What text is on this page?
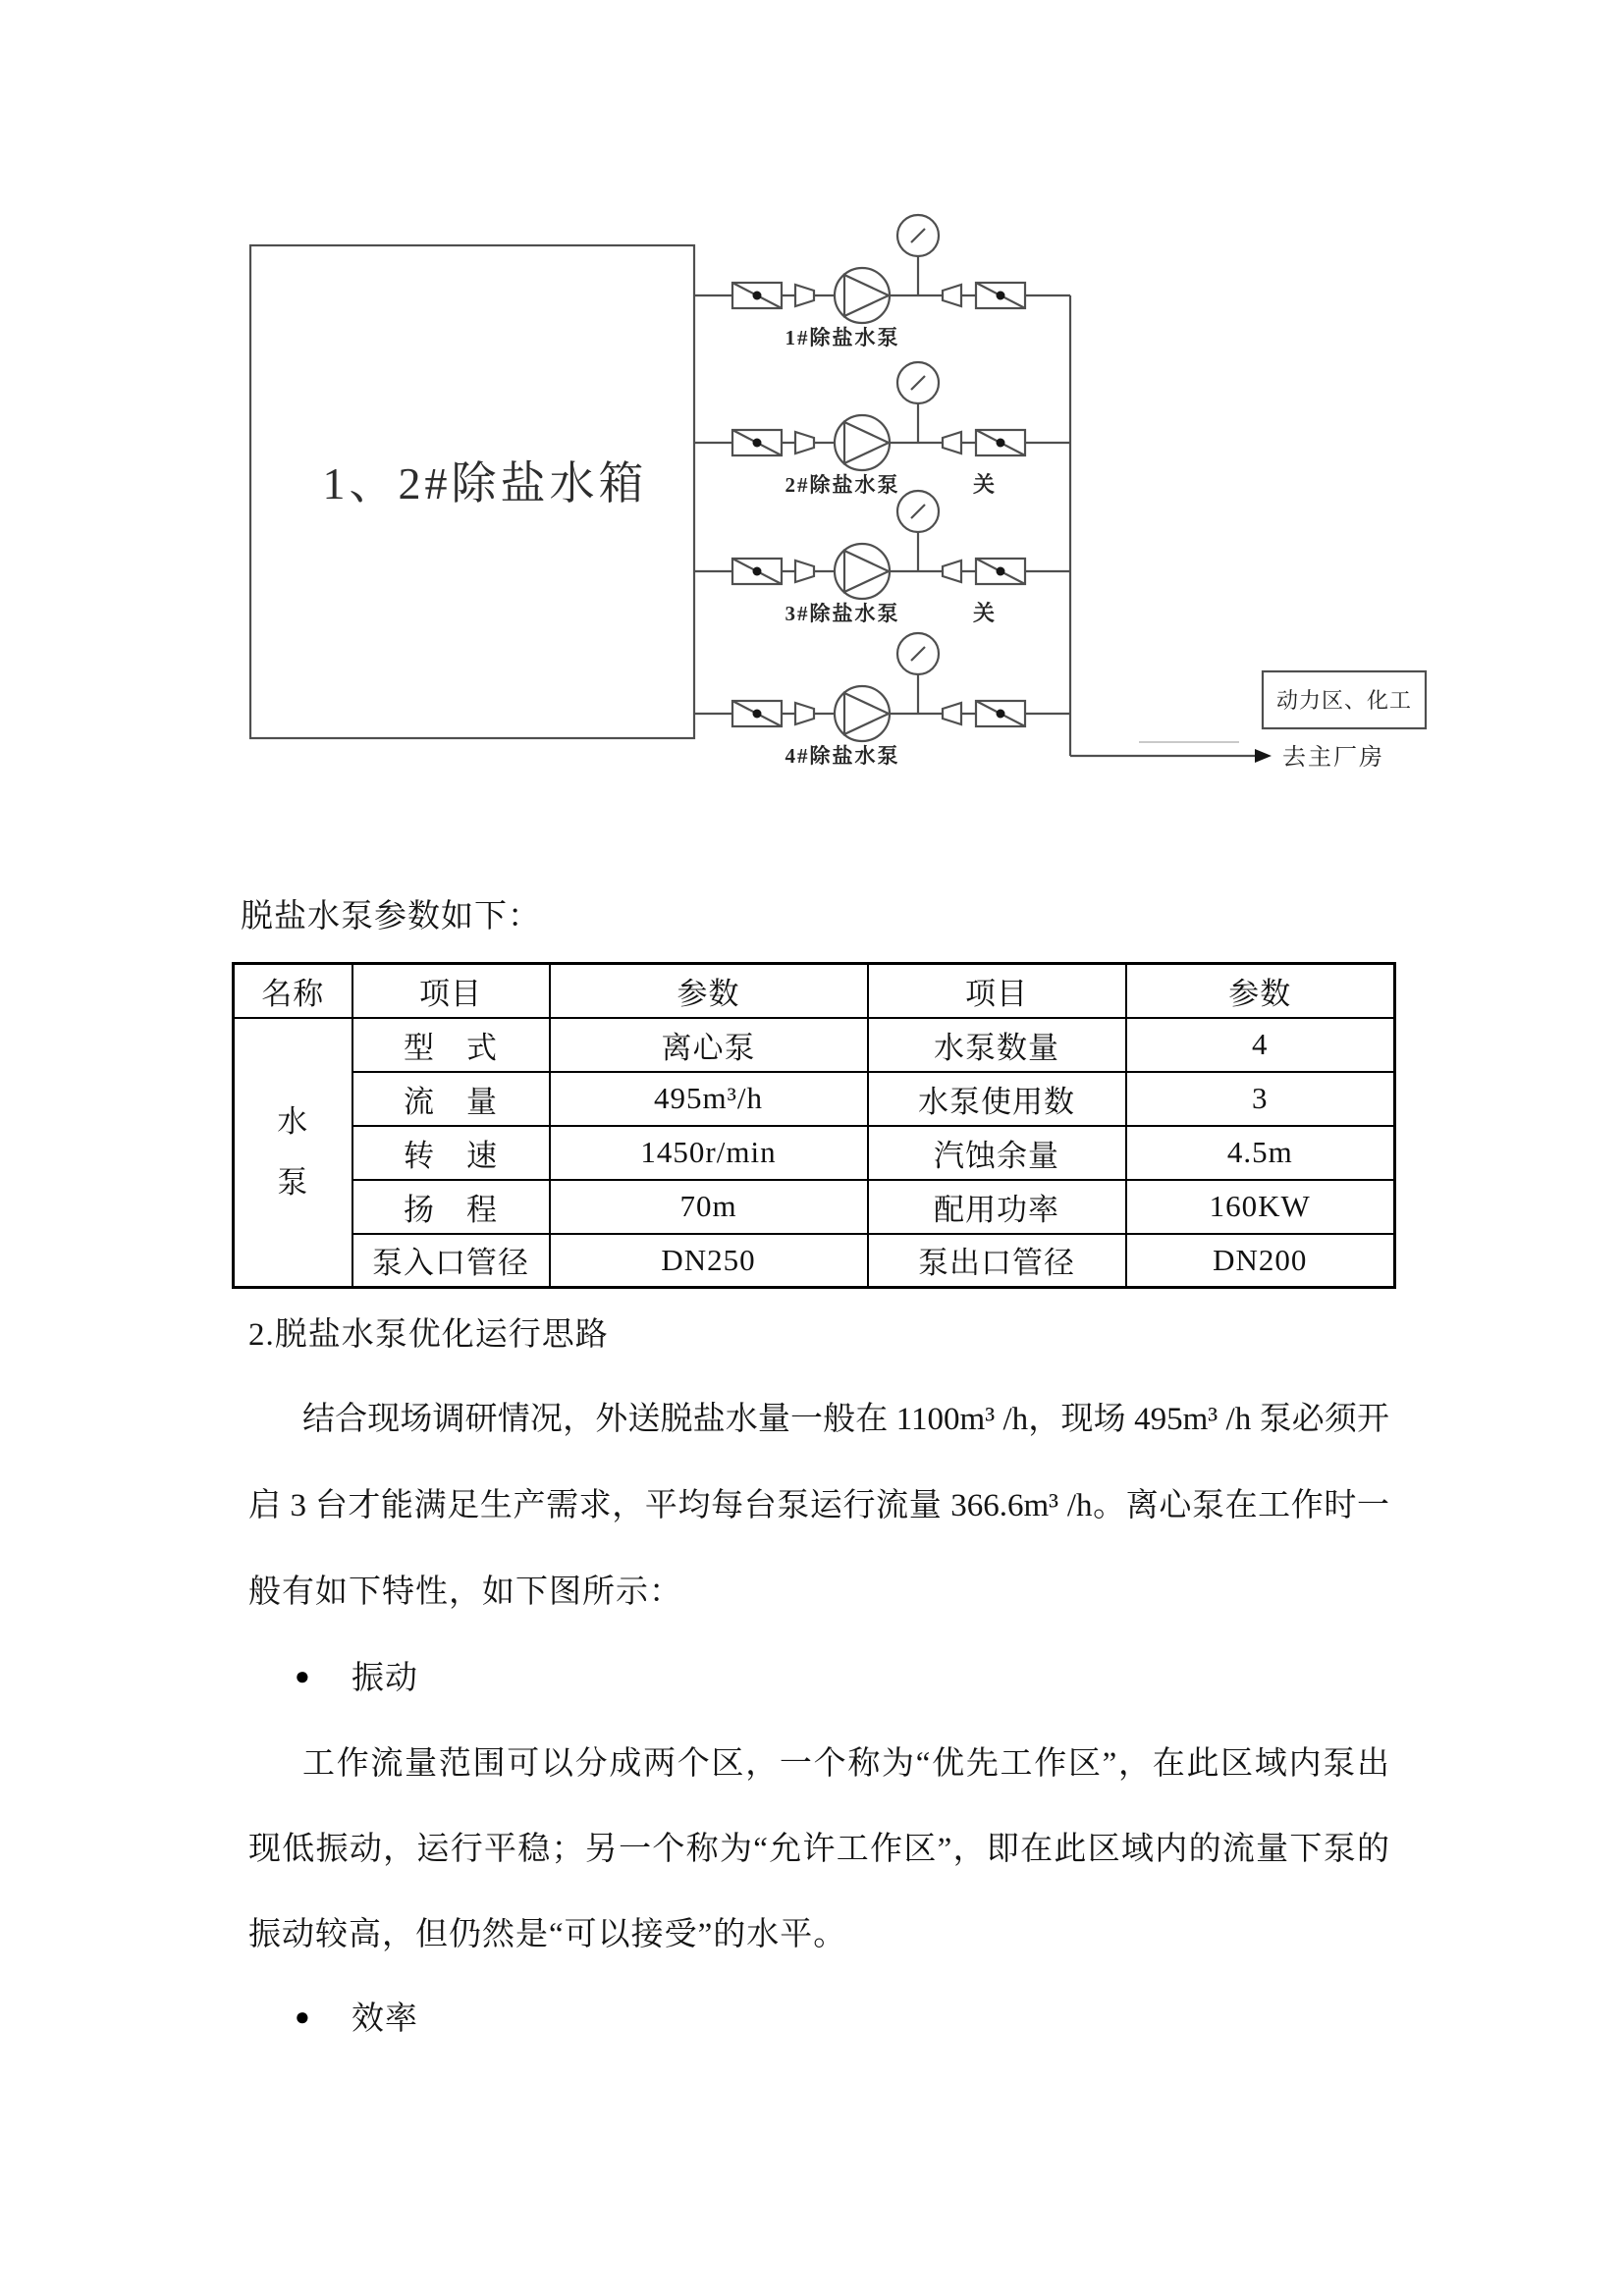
1、2#除盐水箱
1#除盐水泵
2#除盐水泵	关
3#除盐水泵	关
4#除盐水泵	去主厂房
动力区、化工
脱盐水泵参数如下：
名称	项目	参数	项目	参数

水泵	型　式	离心泵	水泵数量	4
	流　量	495m³/h	水泵使用数	3
	转　速	1450r/min	汽蚀余量	4.5m
	扬　程	70m	配用功率	160KW
	泵入口管径	DN250	泵出口管径	DN200
2.脱盐水泵优化运行思路
结合现场调研情况，外送脱盐水量一般在 1100m³ /h，现场 495m³ /h 泵必须开
启 3 台才能满足生产需求，平均每台泵运行流量 366.6m³ /h。离心泵在工作时一
般有如下特性，如下图所示：
● 振动
工作流量范围可以分成两个区，一个称为“优先工作区”，在此区域内泵出
现低振动，运行平稳；另一个称为“允许工作区”，即在此区域内的流量下泵的
振动较高，但仍然是“可以接受”的水平。
● 效率
